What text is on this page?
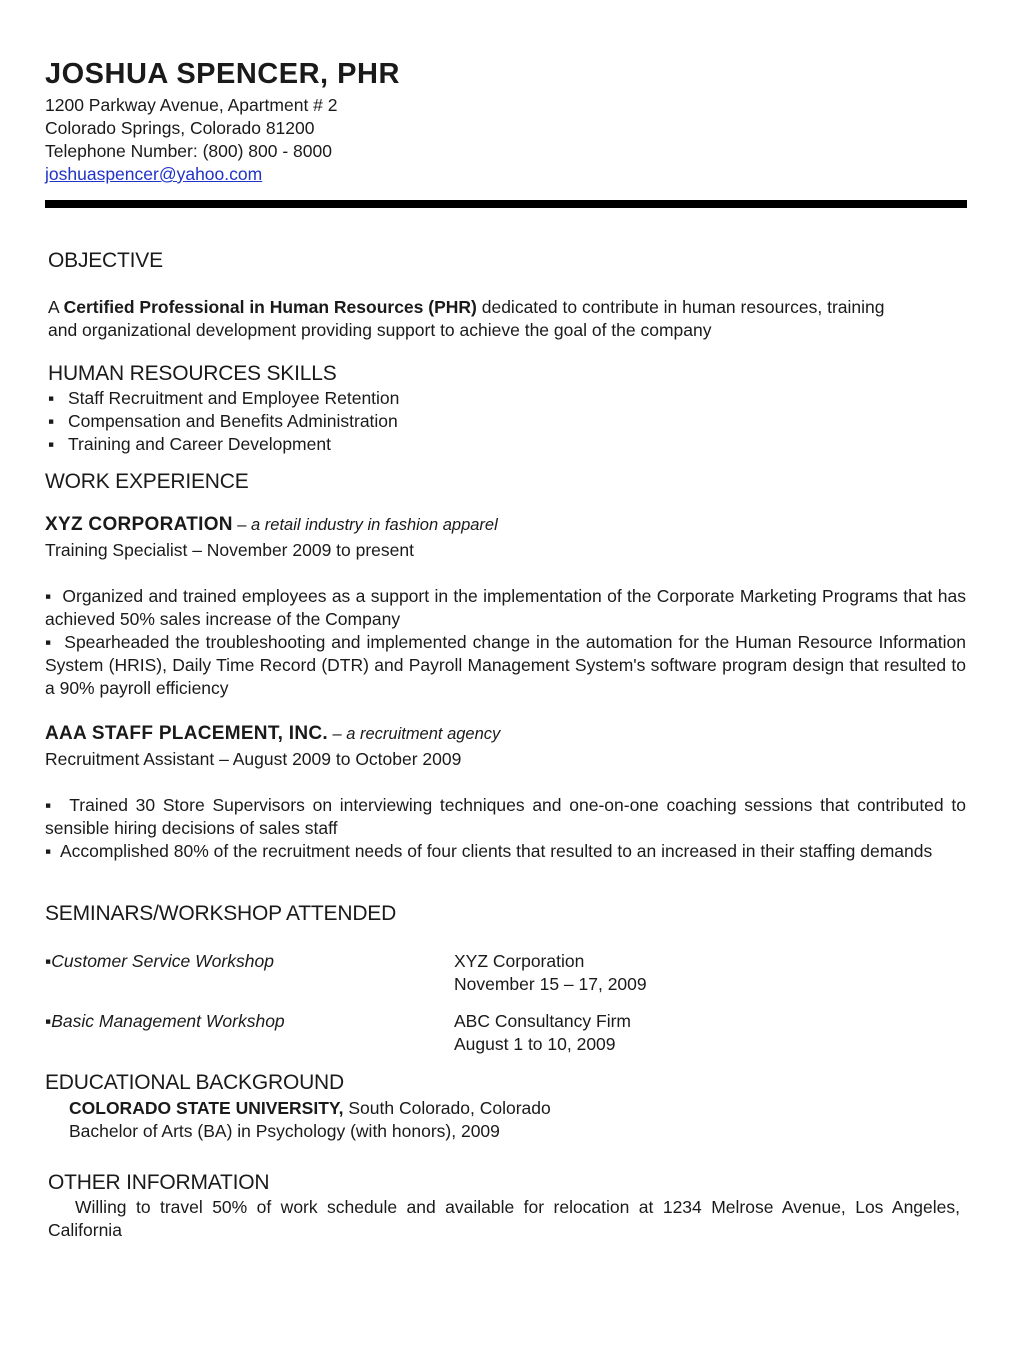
JOSHUA SPENCER, PHR
1200 Parkway Avenue, Apartment # 2
Colorado Springs, Colorado 81200
Telephone Number: (800) 800 - 8000
joshuaspencer@yahoo.com
OBJECTIVE
A Certified Professional in Human Resources (PHR) dedicated to contribute in human resources, training
and organizational development providing support to achieve the goal of the company
HUMAN RESOURCES SKILLS
▪ Staff Recruitment and Employee Retention
▪ Compensation and Benefits Administration
▪ Training and Career Development
WORK EXPERIENCE
XYZ CORPORATION – a retail industry in fashion apparel
Training Specialist – November 2009 to present
▪  Organized and trained employees as a support in the implementation of the Corporate Marketing Programs that has achieved 50% sales increase of the Company
▪  Spearheaded the troubleshooting and implemented change in the automation for the Human Resource Information System (HRIS), Daily Time Record (DTR) and Payroll Management System's software program design that resulted to a 90% payroll efficiency
AAA STAFF PLACEMENT, INC. – a recruitment agency
Recruitment Assistant – August 2009 to October 2009
▪  Trained 30 Store Supervisors on interviewing techniques and one-on-one coaching sessions that contributed to sensible hiring decisions of sales staff
▪  Accomplished 80% of the recruitment needs of four clients that resulted to an increased in their staffing demands
SEMINARS/WORKSHOP ATTENDED
▪Customer Service Workshop	XYZ Corporation
November 15 – 17, 2009
▪Basic Management Workshop	ABC Consultancy Firm
August 1 to 10, 2009
EDUCATIONAL BACKGROUND
COLORADO STATE UNIVERSITY, South Colorado, Colorado
Bachelor of Arts (BA) in Psychology (with honors), 2009
OTHER INFORMATION
Willing to travel 50% of work schedule and available for relocation at 1234 Melrose Avenue, Los Angeles, California
